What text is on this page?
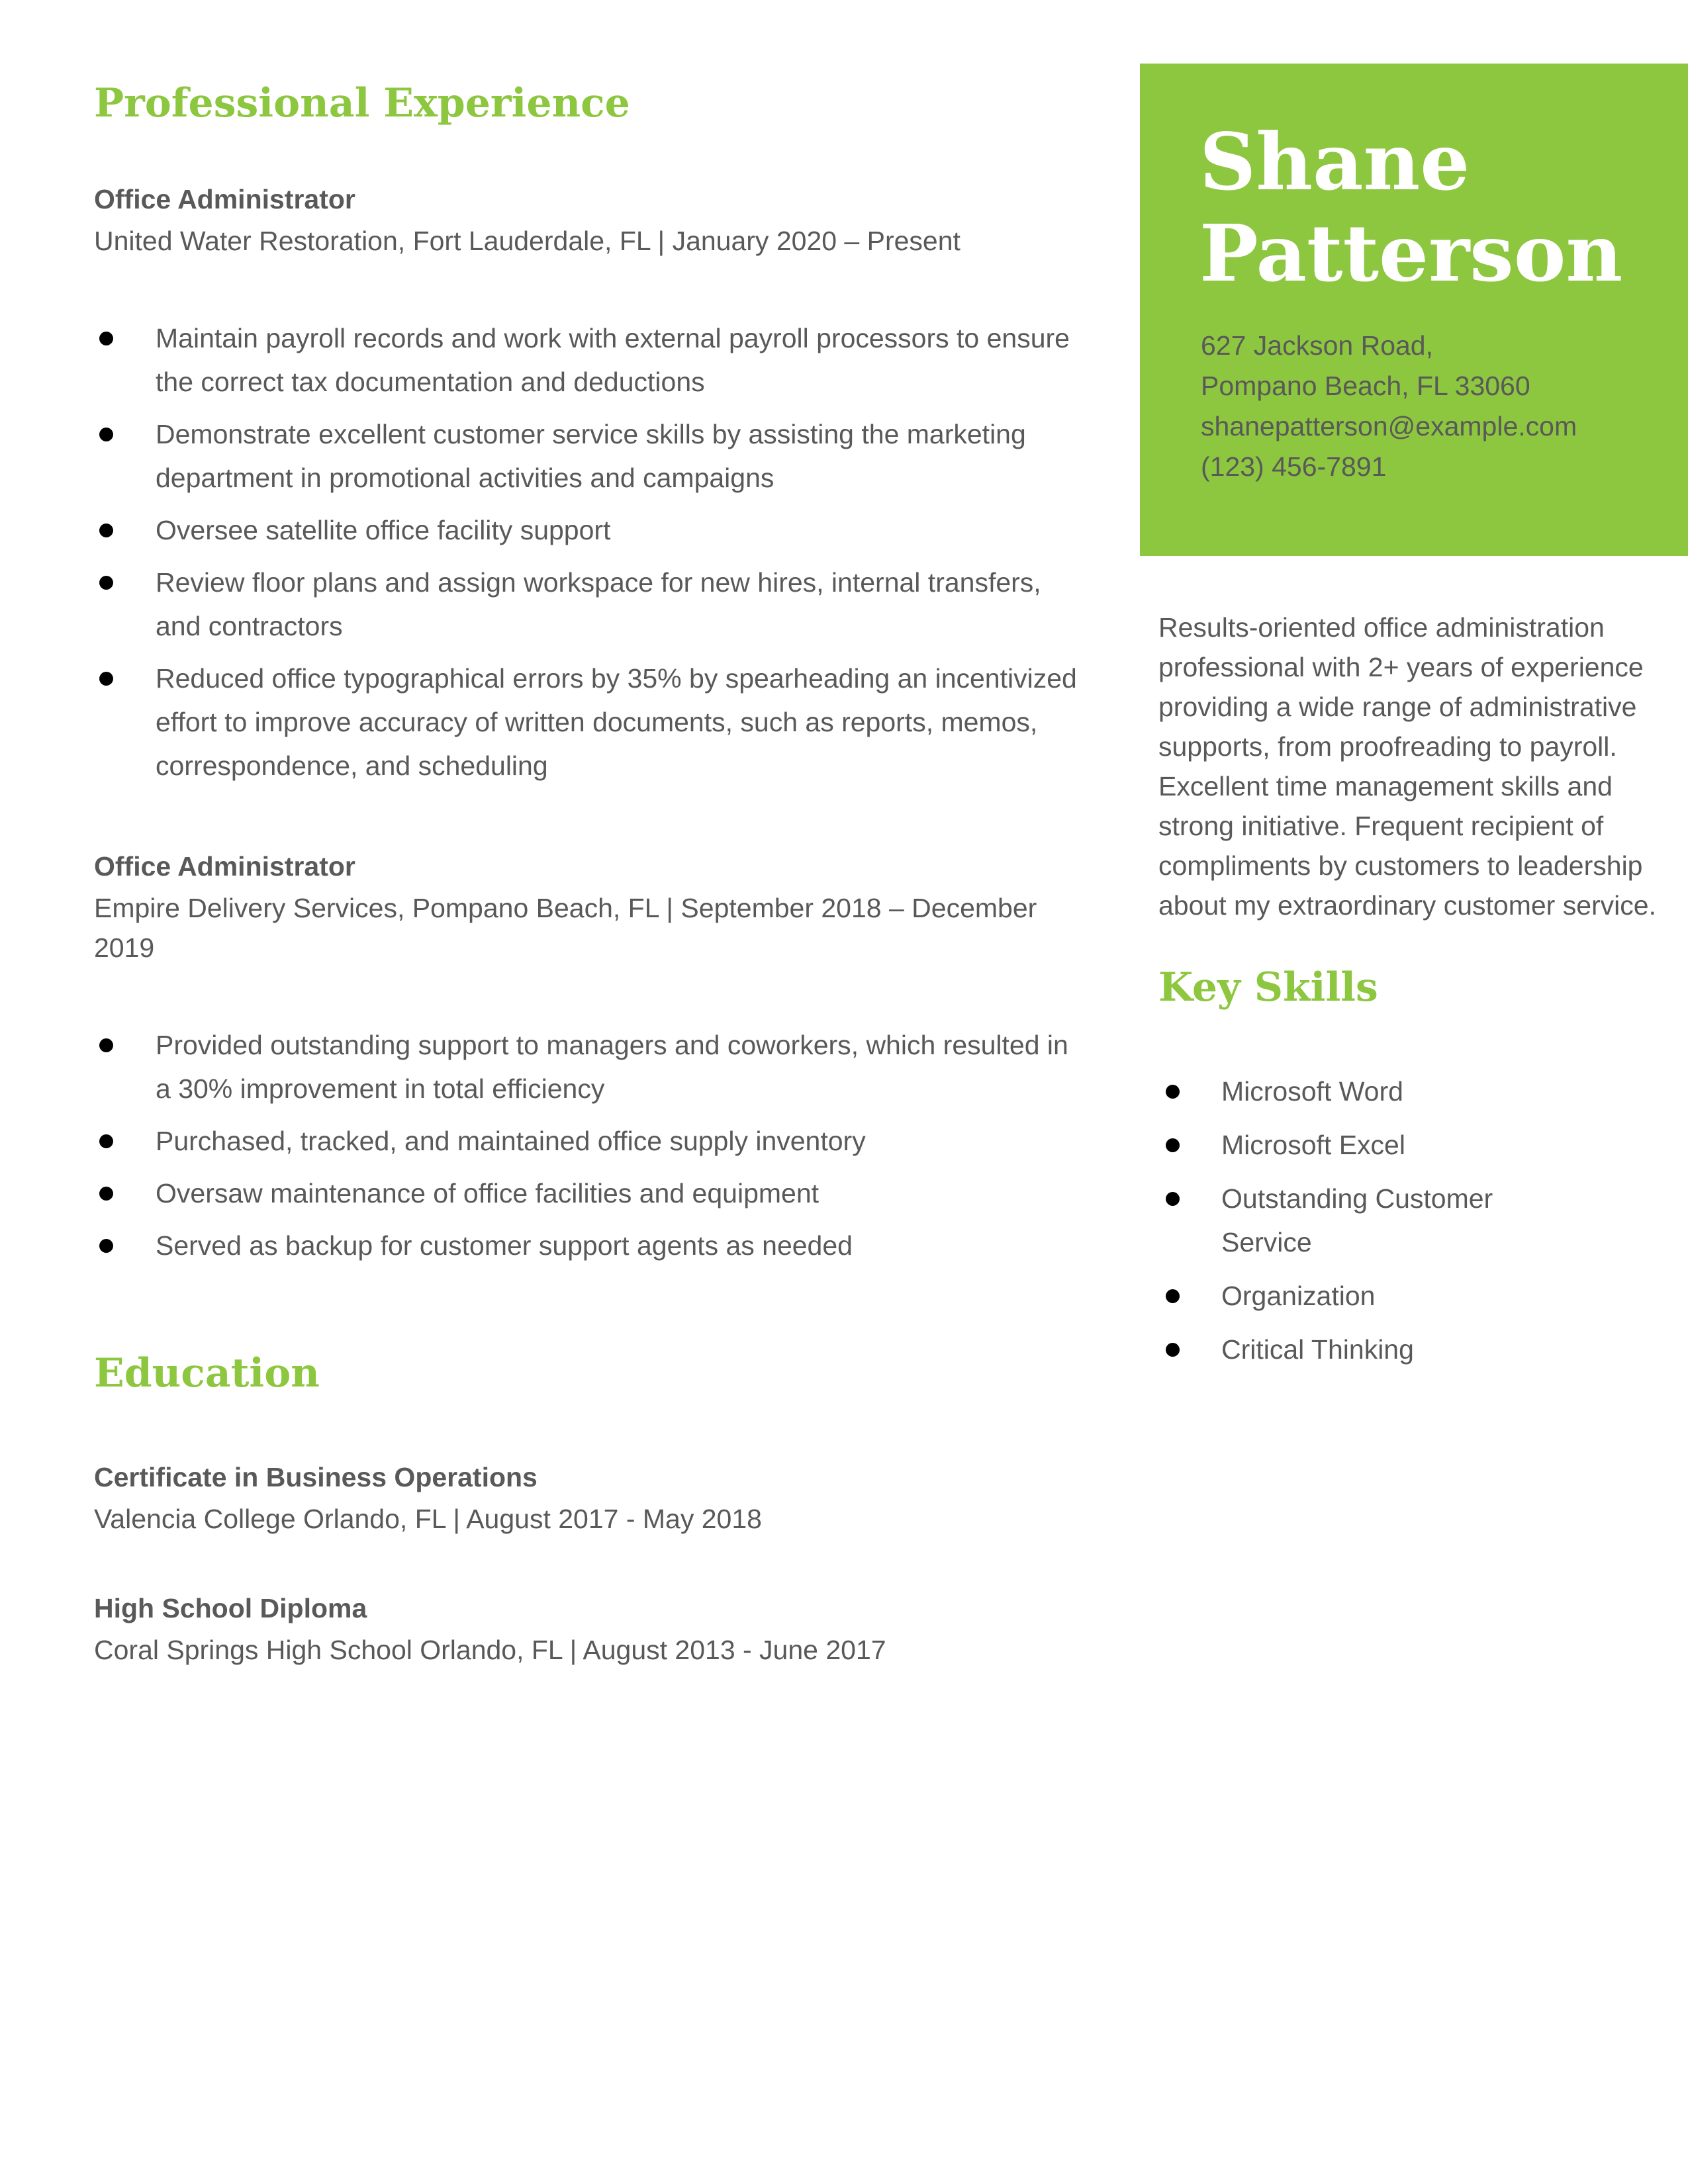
Professional Experience
Office Administrator
United Water Restoration, Fort Lauderdale, FL | January 2020 – Present
Maintain payroll records and work with external payroll processors to ensure the correct tax documentation and deductions
Demonstrate excellent customer service skills by assisting the marketing department in promotional activities and campaigns
Oversee satellite office facility support
Review floor plans and assign workspace for new hires, internal transfers, and contractors
Reduced office typographical errors by 35% by spearheading an incentivized effort to improve accuracy of written documents, such as reports, memos, correspondence, and scheduling
Office Administrator
Empire Delivery Services, Pompano Beach, FL | September 2018 – December 2019
Provided outstanding support to managers and coworkers, which resulted in a 30% improvement in total efficiency
Purchased, tracked, and maintained office supply inventory
Oversaw maintenance of office facilities and equipment
Served as backup for customer support agents as needed
Education
Certificate in Business Operations
Valencia College Orlando, FL | August 2017 - May 2018
High School Diploma
Coral Springs High School Orlando, FL | August 2013 - June 2017
Shane
Patterson
627 Jackson Road,
Pompano Beach, FL 33060
shanepatterson@example.com
(123) 456-7891

Results-oriented office administration professional with 2+ years of experience providing a wide range of administrative supports, from proofreading to payroll. Excellent time management skills and strong initiative. Frequent recipient of compliments by customers to leadership about my extraordinary customer service.

Key Skills
Microsoft Word
Microsoft Excel
Outstanding Customer Service
Organization
Critical Thinking
